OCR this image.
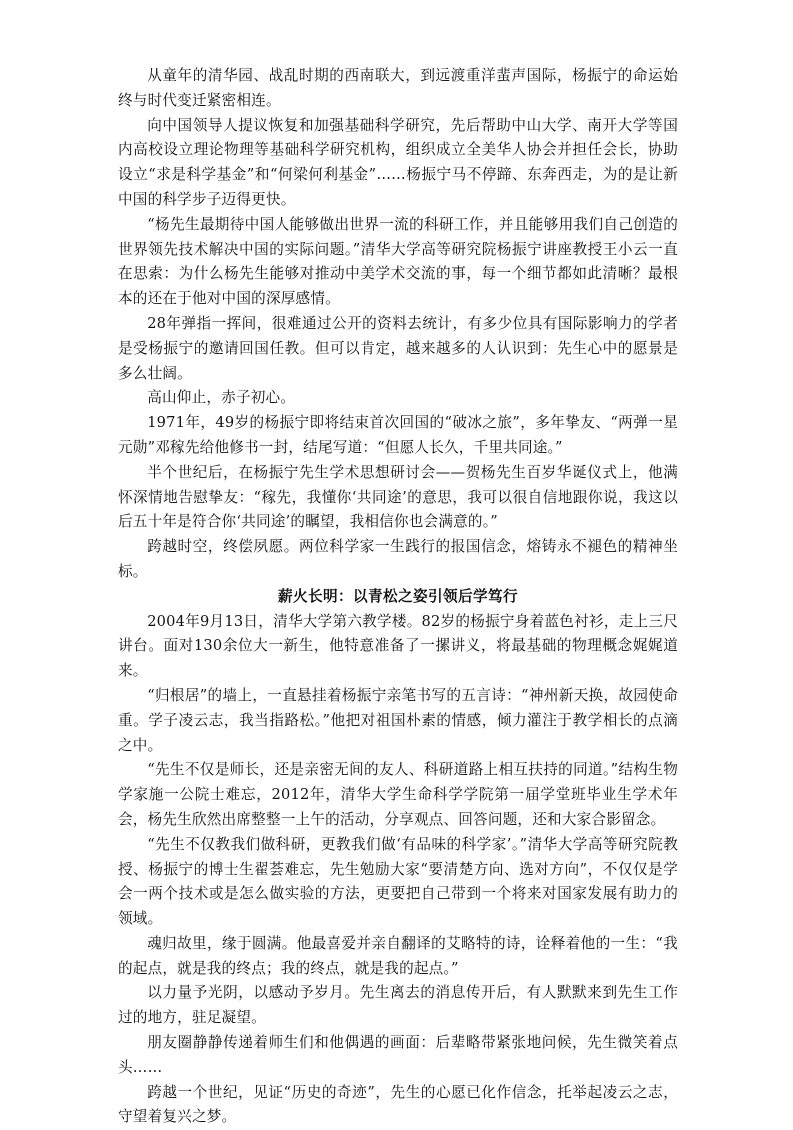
从童年的清华园、战乱时期的西南联大，到远渡重洋蜚声国际，杨振宁的命运始终与时代变迁紧密相连。

向中国领导人提议恢复和加强基础科学研究，先后帮助中山大学、南开大学等国内高校设立理论物理等基础科学研究机构，组织成立全美华人协会并担任会长，协助设立“求是科学基金”和“何梁何利基金”……杨振宁马不停蹄、东奔西走，为的是让新中国的科学步子迈得更快。

“杨先生最期待中国人能够做出世界一流的科研工作，并且能够用我们自己创造的世界领先技术解决中国的实际问题。”清华大学高等研究院杨振宁讲座教授王小云一直在思索：为什么杨先生能够对推动中美学术交流的事，每一个细节都如此清晰？最根本的还在于他对中国的深厚感情。

28年弹指一挥间，很难通过公开的资料去统计，有多少位具有国际影响力的学者是受杨振宁的邀请回国任教。但可以肯定，越来越多的人认识到：先生心中的愿景是多么壮阔。

高山仰止，赤子初心。

1971年，49岁的杨振宁即将结束首次回国的“破冰之旅”，多年挚友、“两弹一星元勋”邓稼先给他修书一封，结尾写道：“但愿人长久，千里共同途。”

半个世纪后，在杨振宁先生学术思想研讨会——贺杨先生百岁华诞仪式上，他满怀深情地告慰挚友：“稼先，我懂你‘共同途’的意思，我可以很自信地跟你说，我这以后五十年是符合你‘共同途’的瞩望，我相信你也会满意的。”

跨越时空，终偿夙愿。两位科学家一生践行的报国信念，熔铸永不褪色的精神坐标。

薪火长明：以青松之姿引领后学笃行

2004年9月13日，清华大学第六教学楼。82岁的杨振宁身着蓝色衬衫，走上三尺讲台。面对130余位大一新生，他特意准备了一摞讲义，将最基础的物理概念娓娓道来。

“归根居”的墙上，一直悬挂着杨振宁亲笔书写的五言诗：“神州新天换，故园使命重。学子凌云志，我当指路松。”他把对祖国朴素的情感，倾力灌注于教学相长的点滴之中。

“先生不仅是师长，还是亲密无间的友人、科研道路上相互扶持的同道。”结构生物学家施一公院士难忘，2012年，清华大学生命科学学院第一届学堂班毕业生学术年会，杨先生欣然出席整整一上午的活动，分享观点、回答问题，还和大家合影留念。

“先生不仅教我们做科研，更教我们做‘有品味的科学家’。”清华大学高等研究院教授、杨振宁的博士生翟荟难忘，先生勉励大家“要清楚方向、选对方向”，不仅仅是学会一两个技术或是怎么做实验的方法，更要把自己带到一个将来对国家发展有助力的领域。

魂归故里，缘于圆满。他最喜爱并亲自翻译的艾略特的诗，诠释着他的一生：“我的起点，就是我的终点；我的终点，就是我的起点。”

以力量予光阴，以感动予岁月。先生离去的消息传开后，有人默默来到先生工作过的地方，驻足凝望。

朋友圈静静传递着师生们和他偶遇的画面：后辈略带紧张地问候，先生微笑着点头……

跨越一个世纪，见证“历史的奇迹”，先生的心愿已化作信念，托举起凌云之志，守望着复兴之梦。
